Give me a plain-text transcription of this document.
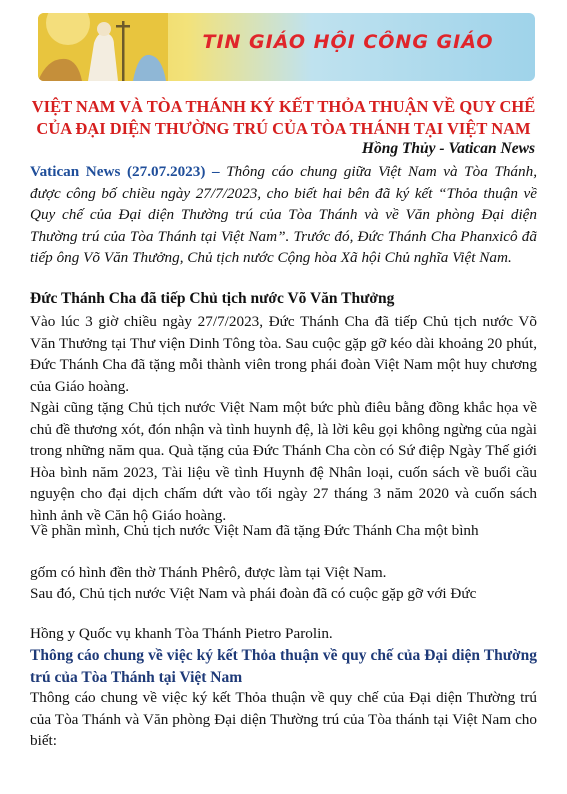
TIN GIÁO HỘI CÔNG GIÁO
VIỆT NAM VÀ TÒA THÁNH KÝ KẾT THỎA THUẬN VỀ QUY CHẾ CỦA ĐẠI DIỆN THƯỜNG TRÚ CỦA TÒA THÁNH TẠI VIỆT NAM
Hồng Thủy - Vatican News

Vatican News (27.07.2023) – Thông cáo chung giữa Việt Nam và Tòa Thánh, được công bố chiều ngày 27/7/2023, cho biết hai bên đã ký kết “Thỏa thuận về Quy chế của Đại diện Thường trú của Tòa Thánh và về Văn phòng Đại diện Thường trú của Tòa Thánh tại Việt Nam”. Trước đó, Đức Thánh Cha Phanxicô đã tiếp ông Võ Văn Thưởng, Chủ tịch nước Cộng hòa Xã hội Chủ nghĩa Việt Nam.

Đức Thánh Cha đã tiếp Chủ tịch nước Võ Văn Thưởng

Vào lúc 3 giờ chiều ngày 27/7/2023, Đức Thánh Cha đã tiếp Chủ tịch nước Võ Văn Thưởng tại Thư viện Dinh Tông tòa. Sau cuộc gặp gỡ kéo dài khoảng 20 phút, Đức Thánh Cha đã tặng mỗi thành viên trong phái đoàn Việt Nam một huy chương của Giáo hoàng.

Ngài cũng tặng Chủ tịch nước Việt Nam một bức phù điêu bằng đồng khắc họa về chủ đề thương xót, đón nhận và tình huynh đệ, là lời kêu gọi không ngừng của ngài trong những năm qua. Quà tặng của Đức Thánh Cha còn có Sứ điệp Ngày Thế giới Hòa bình năm 2023, Tài liệu về tình Huynh đệ Nhân loại, cuốn sách về buổi cầu nguyện cho đại dịch chấm dứt vào tối ngày 27 tháng 3 năm 2020 và cuốn sách hình ảnh về Căn hộ Giáo hoàng.

Về phần mình, Chủ tịch nước Việt Nam đã tặng Đức Thánh Cha một bình

gốm có hình đền thờ Thánh Phêrô, được làm tại Việt Nam.

Sau đó, Chủ tịch nước Việt Nam và phái đoàn đã có cuộc gặp gỡ với Đức

Hồng y Quốc vụ khanh Tòa Thánh Pietro Parolin.

Thông cáo chung về việc ký kết Thỏa thuận về quy chế của Đại diện Thường trú của Tòa Thánh tại Việt Nam

Thông cáo chung về việc ký kết Thỏa thuận về quy chế của Đại diện Thường trú của Tòa Thánh và Văn phòng Đại diện Thường trú của Tòa thánh tại Việt Nam cho biết:
